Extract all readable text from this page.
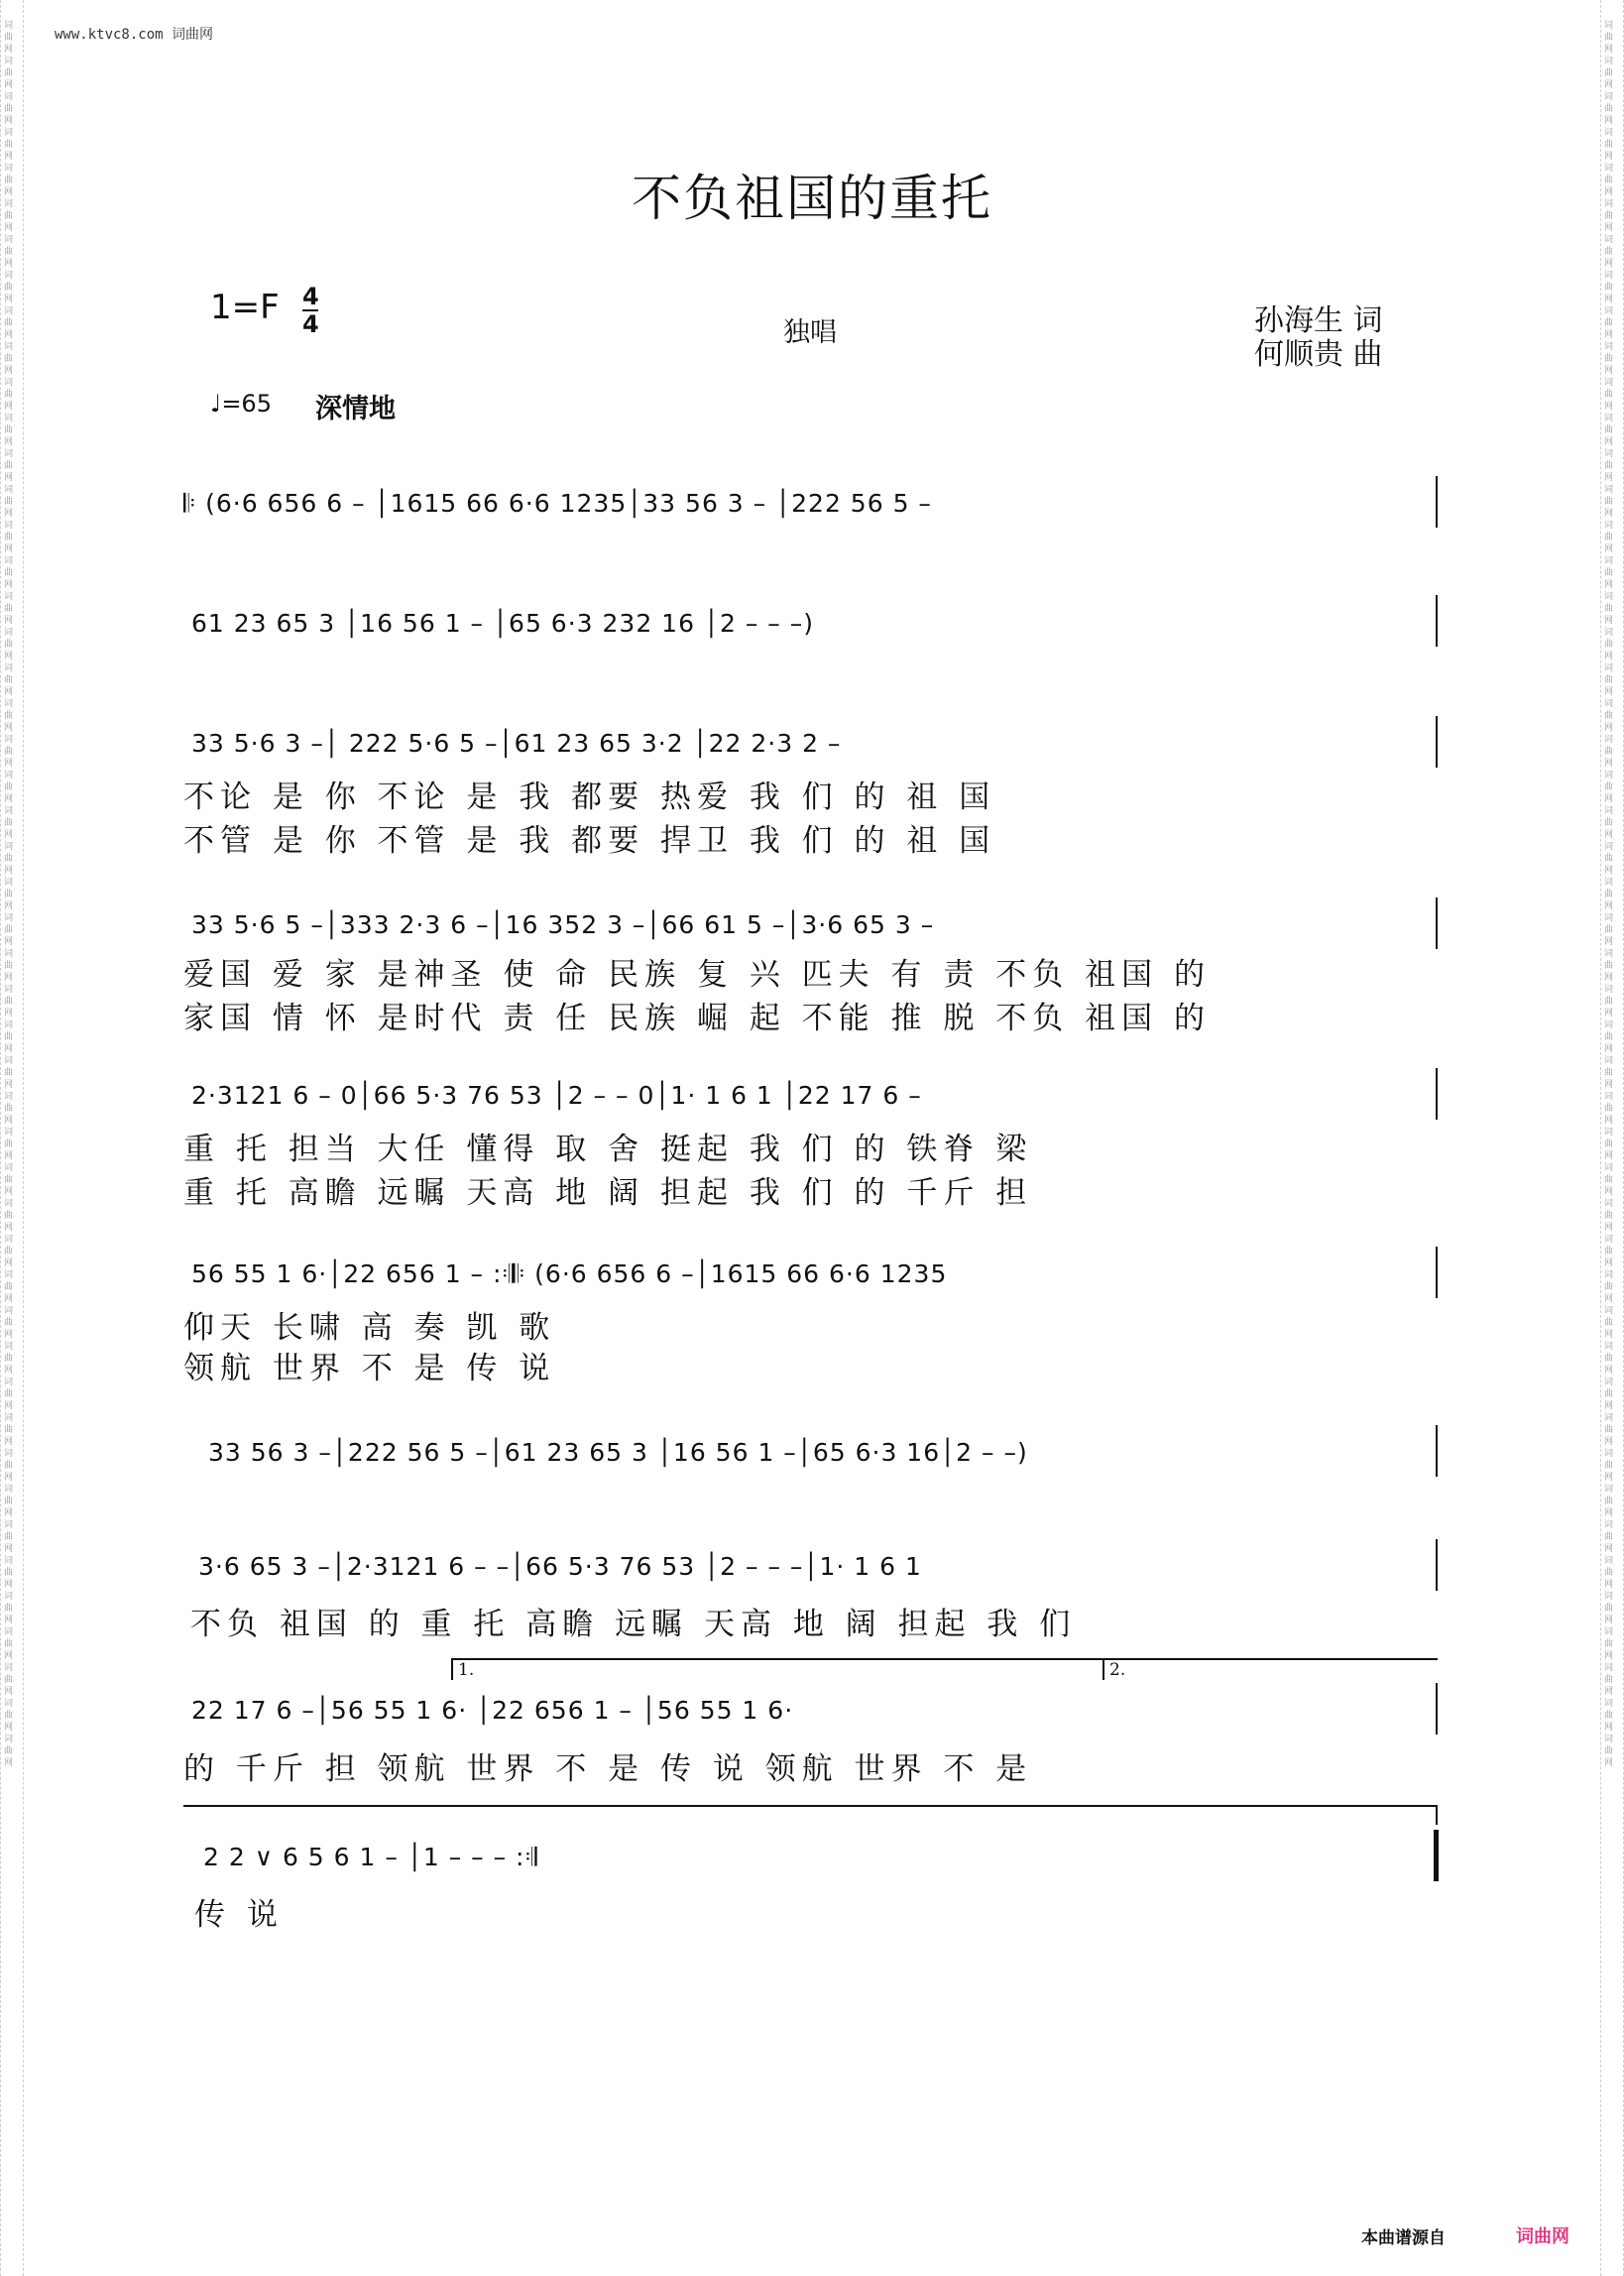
词曲网词曲网词曲网词曲网词曲网词曲网词曲网词曲网词曲网词曲网词曲网词曲网词曲网词曲网词曲网词曲网词曲网词曲网词曲网词曲网词曲网词曲网词曲网词曲网词曲网词曲网词曲网词曲网词曲网词曲网词曲网词曲网词曲网词曲网词曲网词曲网词曲网词曲网词曲网词曲网词曲网词曲网词曲网词曲网词曲网词曲网词曲网词曲网词曲网
词曲网词曲网词曲网词曲网词曲网词曲网词曲网词曲网词曲网词曲网词曲网词曲网词曲网词曲网词曲网词曲网词曲网词曲网词曲网词曲网词曲网词曲网词曲网词曲网词曲网词曲网词曲网词曲网词曲网词曲网词曲网词曲网词曲网词曲网词曲网词曲网词曲网词曲网词曲网词曲网词曲网词曲网词曲网词曲网词曲网词曲网词曲网词曲网词曲网
www.ktvc8.com 词曲网
不负祖国的重托
1=F 4
4	独唱	孙海生 词
何顺贵 曲
♩=65 深情地
𝄆 (6·6 656 6 – │1615 66 6·6 1235│33 56 3 – │222 56 5 –
61 23 65 3 │16 56 1 – │65 6·3 232 16 │2 – – –)
33 5·6 3 –│ 222 5·6 5 –│61 23 65 3·2 │22 2·3 2 –
不论 是 你 不论 是 我 都要 热爱 我 们 的 祖 国
不管 是 你 不管 是 我 都要 捍卫 我 们 的 祖 国
33 5·6 5 –│333 2·3 6 –│16 352 3 –│66 61 5 –│3·6 65 3 –
爱国 爱 家 是神圣 使 命 民族 复 兴 匹夫 有 责 不负 祖国 的
家国 情 怀 是时代 责 任 民族 崛 起 不能 推 脱 不负 祖国 的
2·3121 6 – 0│66 5·3 76 53 │2 – – 0│1· 1 6 1 │22 17 6 –
重 托 担当 大任 懂得 取 舍 挺起 我 们 的 铁脊 梁
重 托 高瞻 远瞩 天高 地 阔 担起 我 们 的 千斤 担
56 55 1 6·│22 656 1 – :𝄇𝄆 (6·6 656 6 –│1615 66 6·6 1235
仰天 长啸 高 奏 凯 歌
领航 世界 不 是 传 说
33 56 3 –│222 56 5 –│61 23 65 3 │16 56 1 –│65 6·3 16│2 – –)
3·6 65 3 –│2·3121 6 – –│66 5·3 76 53 │2 – – –│1· 1 6 1
不负 祖国 的 重 托 高瞻 远瞩 天高 地 阔 担起 我 们
1.	2.
22 17 6 –│56 55 1 6· │22 656 1 – │56 55 1 6·
的 千斤 担 领航 世界 不 是 传 说 领航 世界 不 是
2 2 ∨ 6 5 6 1 – │1 – – – :𝄇
传 说
本曲谱源自	词曲网
